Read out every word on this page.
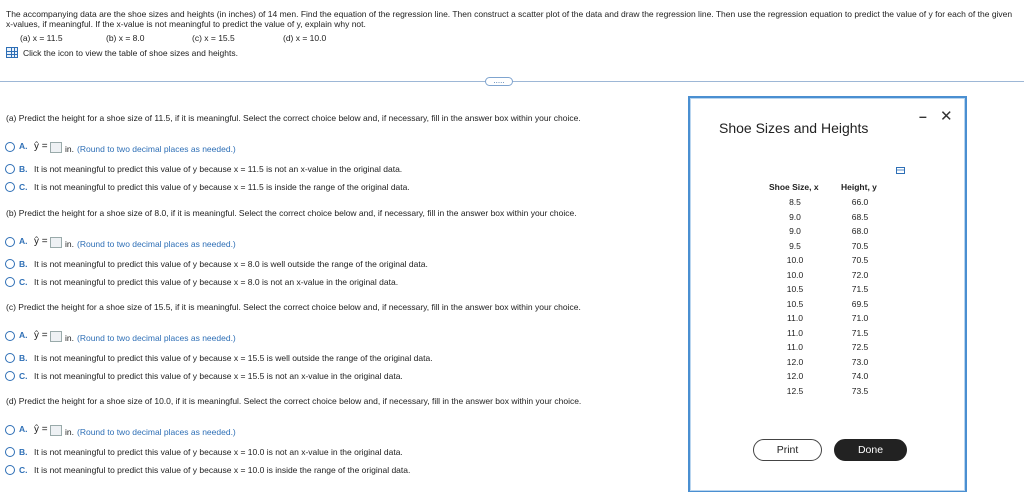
The accompanying data are the shoe sizes and heights (in inches) of 14 men. Find the equation of the regression line. Then construct a scatter plot of the data and draw the regression line. Then use the regression equation to predict the value of y for each of the given x-values, if meaningful. If the x-value is not meaningful to predict the value of y, explain why not.
(a) x = 11.5	(b) x = 8.0	(c) x = 15.5	(d) x = 10.0
Click the icon to view the table of shoe sizes and heights.
.....
(a) Predict the height for a shoe size of 11.5, if it is meaningful. Select the correct choice below and, if necessary, fill in the answer box within your choice.
A. ŷ = in. (Round to two decimal places as needed.)
B. It is not meaningful to predict this value of y because x = 11.5 is not an x-value in the original data.
C. It is not meaningful to predict this value of y because x = 11.5 is inside the range of the original data.
(b) Predict the height for a shoe size of 8.0, if it is meaningful. Select the correct choice below and, if necessary, fill in the answer box within your choice.
A. ŷ = in. (Round to two decimal places as needed.)
B. It is not meaningful to predict this value of y because x = 8.0 is well outside the range of the original data.
C. It is not meaningful to predict this value of y because x = 8.0 is not an x-value in the original data.
(c) Predict the height for a shoe size of 15.5, if it is meaningful. Select the correct choice below and, if necessary, fill in the answer box within your choice.
A. ŷ = in. (Round to two decimal places as needed.)
B. It is not meaningful to predict this value of y because x = 15.5 is well outside the range of the original data.
C. It is not meaningful to predict this value of y because x = 15.5 is not an x-value in the original data.
(d) Predict the height for a shoe size of 10.0, if it is meaningful. Select the correct choice below and, if necessary, fill in the answer box within your choice.
A. ŷ = in. (Round to two decimal places as needed.)
B. It is not meaningful to predict this value of y because x = 10.0 is not an x-value in the original data.
C. It is not meaningful to predict this value of y because x = 10.0 is inside the range of the original data.
Shoe Sizes and Heights
– ✕
Shoe Size, x	Height, y
8.5	66.0
9.0	68.5
9.0	68.0
9.5	70.5
10.0	70.5
10.0	72.0
10.5	71.5
10.5	69.5
11.0	71.0
11.0	71.5
11.0	72.5
12.0	73.0
12.0	74.0
12.5	73.5
Print	Done
